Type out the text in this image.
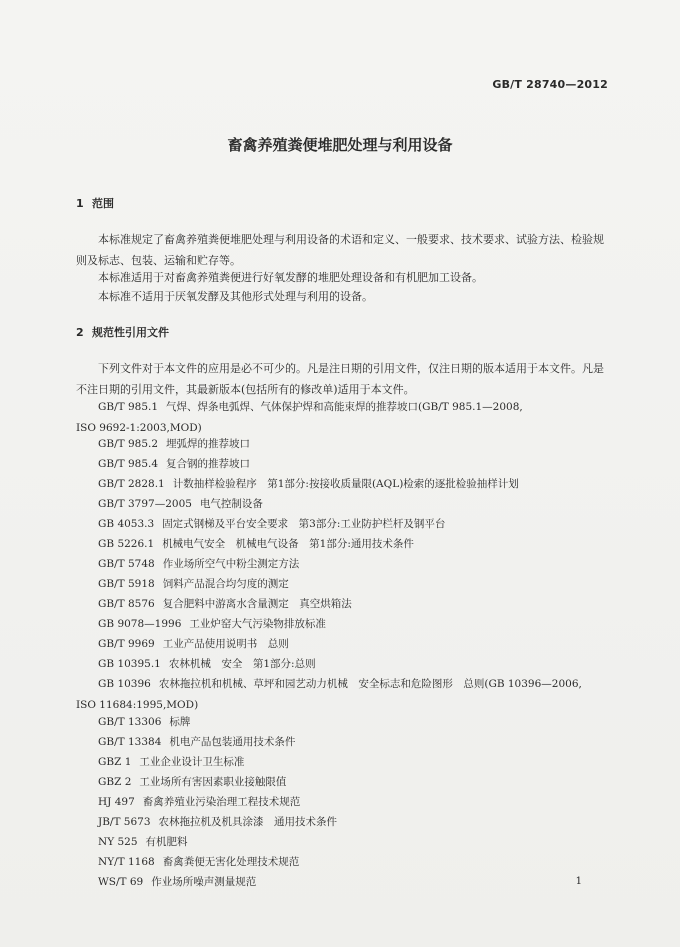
GB/T 28740—2012
畜禽养殖粪便堆肥处理与利用设备
1 范围
本标准规定了畜禽养殖粪便堆肥处理与利用设备的术语和定义、一般要求、技术要求、试验方法、检验规则及标志、包装、运输和贮存等。
本标准适用于对畜禽养殖粪便进行好氧发酵的堆肥处理设备和有机肥加工设备。
本标准不适用于厌氧发酵及其他形式处理与利用的设备。
2 规范性引用文件
下列文件对于本文件的应用是必不可少的。凡是注日期的引用文件，仅注日期的版本适用于本文件。凡是不注日期的引用文件，其最新版本(包括所有的修改单)适用于本文件。
GB/T 985.1 气焊、焊条电弧焊、气体保护焊和高能束焊的推荐坡口(GB/T 985.1—2008,
ISO 9692-1:2003,MOD)
GB/T 985.2 埋弧焊的推荐坡口
GB/T 985.4 复合钢的推荐坡口
GB/T 2828.1 计数抽样检验程序　第1部分:按接收质量限(AQL)检索的逐批检验抽样计划
GB/T 3797—2005 电气控制设备
GB 4053.3 固定式钢梯及平台安全要求　第3部分:工业防护栏杆及钢平台
GB 5226.1 机械电气安全　机械电气设备　第1部分:通用技术条件
GB/T 5748 作业场所空气中粉尘测定方法
GB/T 5918 饲料产品混合均匀度的测定
GB/T 8576 复合肥料中游离水含量测定　真空烘箱法
GB 9078—1996 工业炉窑大气污染物排放标准
GB/T 9969 工业产品使用说明书　总则
GB 10395.1 农林机械　安全　第1部分:总则
GB 10396 农林拖拉机和机械、草坪和园艺动力机械　安全标志和危险图形　总则(GB 10396—2006,
ISO 11684:1995,MOD)
GB/T 13306 标牌
GB/T 13384 机电产品包装通用技术条件
GBZ 1 工业企业设计卫生标准
GBZ 2 工业场所有害因素职业接触限值
HJ 497 畜禽养殖业污染治理工程技术规范
JB/T 5673 农林拖拉机及机具涂漆　通用技术条件
NY 525 有机肥料
NY/T 1168 畜禽粪便无害化处理技术规范
WS/T 69 作业场所噪声测量规范	1
